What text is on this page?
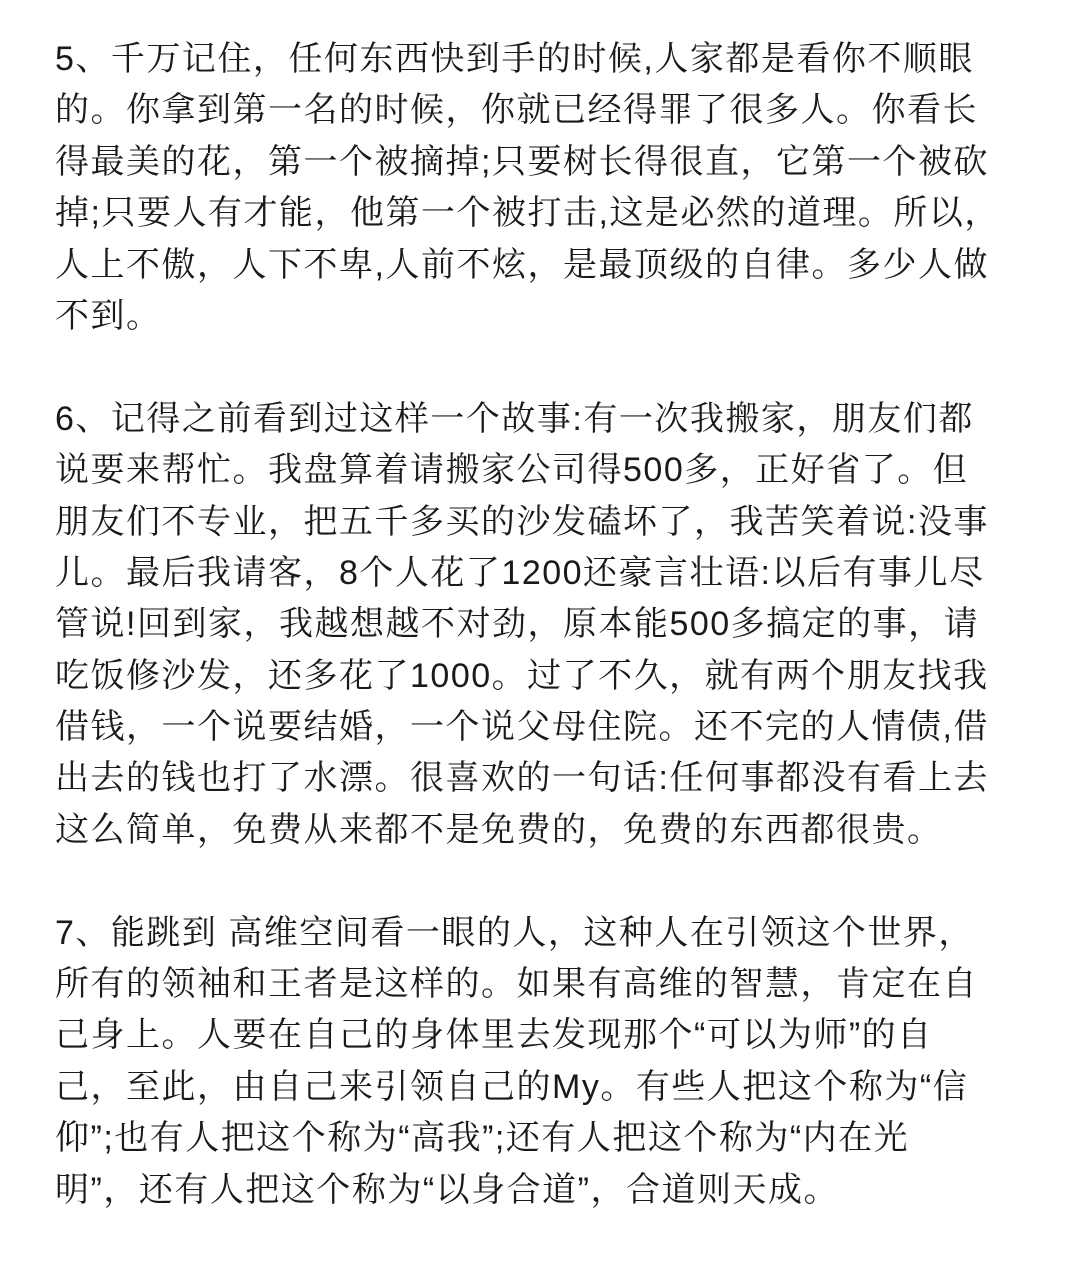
5、千万记住，任何东西快到手的时候,人家都是看你不顺眼
的。你拿到第一名的时候，你就已经得罪了很多人。你看长
得最美的花，第一个被摘掉;只要树长得很直，它第一个被砍
掉;只要人有才能，他第一个被打击,这是必然的道理。所以，
人上不傲，人下不卑,人前不炫，是最顶级的自律。多少人做
不到。
6、记得之前看到过这样一个故事:有一次我搬家，朋友们都
说要来帮忙。我盘算着请搬家公司得500多，正好省了。但
朋友们不专业，把五千多买的沙发磕坏了，我苦笑着说:没事
儿。最后我请客，8个人花了1200还豪言壮语:以后有事儿尽
管说!回到家，我越想越不对劲，原本能500多搞定的事，请
吃饭修沙发，还多花了1000。过了不久，就有两个朋友找我
借钱，一个说要结婚，一个说父母住院。还不完的人情债,借
出去的钱也打了水漂。很喜欢的一句话:任何事都没有看上去
这么简单，免费从来都不是免费的，免费的东西都很贵。
7、能跳到 高维空间看一眼的人，这种人在引领这个世界，
所有的领袖和王者是这样的。如果有高维的智慧，肯定在自
己身上。人要在自己的身体里去发现那个“可以为师”的自
己，至此，由自己来引领自己的My。有些人把这个称为“信
仰”;也有人把这个称为“高我”;还有人把这个称为“内在光
明”，还有人把这个称为“以身合道”，合道则天成。
